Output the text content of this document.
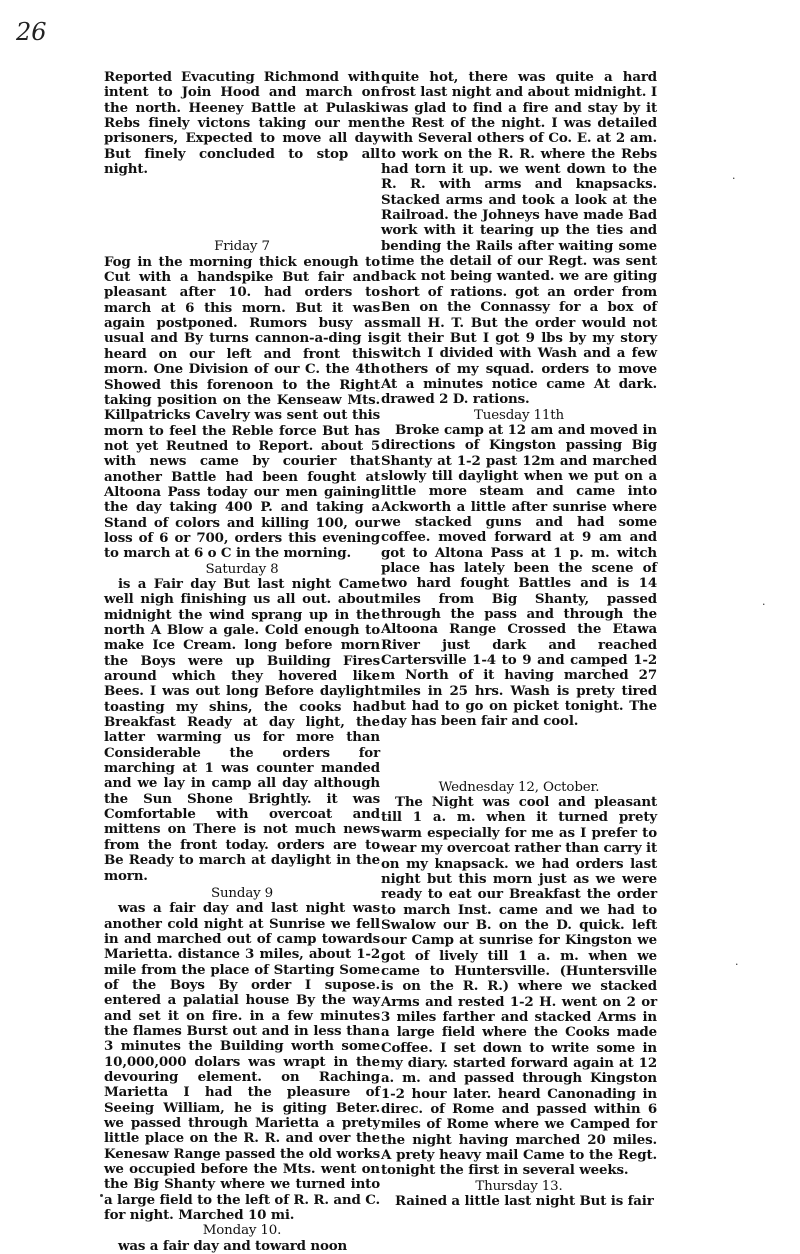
26

Reported Evacuting Richmond with intent to Join Hood and march on the north. Heeney Battle at Pulaski Rebs finely victons taking our men prisoners, Expected to move all day But finely concluded to stop all night.

Friday 7

Fog in the morning thick enough to Cut with a handspike But fair and pleasant after 10. had orders to march at 6 this morn. But it was again postponed. Rumors busy as usual and By turns cannon-a-ding is heard on our left and front this morn. One Division of our C. the 4th Showed this forenoon to the Right taking position on the Kenseaw Mts. Killpatricks Cavelry was sent out this morn to feel the Reble force But has not yet Reutned to Report. about 5 with news came by courier that another Battle had been fought at Altoona Pass today our men gaining the day taking 400 P. and taking a Stand of colors and killing 100, our loss of 6 or 700, orders this evening to march at 6 o C in the morning.

Saturday 8

is a Fair day But last night Came well nigh finishing us all out. about midnight the wind sprang up in the north A Blow a gale. Cold enough to make Ice Cream. long before morn the Boys were up Building Fires around which they hovered like Bees. I was out long Before daylight toasting my shins, the cooks had Breakfast Ready at day light, the latter warming us for more than Considerable the orders for marching at 1 was counter manded and we lay in camp all day although the Sun Shone Brightly. it was Comfortable with overcoat and mittens on There is not much news from the front today. orders are to Be Ready to march at daylight in the morn.

Sunday 9

was a fair day and last night was another cold night at Sunrise we fell in and marched out of camp towards Marietta. distance 3 miles, about 1-2 mile from the place of Starting Some of the Boys By order I supose. entered a palatial house By the way and set it on fire. in a few minutes the flames Burst out and in less than 3 minutes the Building worth some 10,000,000 dolars was wrapt in the devouring element. on Raching Marietta I had the pleasure of Seeing William, he is giting Beter. we passed through Marietta a prety little place on the R. R. and over the Kenesaw Range passed the old works we occupied before the Mts. went on the Big Shanty where we turned into a large field to the left of R. R. and C. for night. Marched 10 mi.

Monday 10.

was a fair day and toward noon

quite hot, there was quite a hard frost last night and about midnight. I was glad to find a fire and stay by it the Rest of the night. I was detailed with Several others of Co. E. at 2 am. to work on the R. R. where the Rebs had torn it up. we went down to the R. R. with arms and knapsacks. Stacked arms and took a look at the Railroad. the Johneys have made Bad work with it tearing up the ties and bending the Rails after waiting some time the detail of our Regt. was sent back not being wanted. we are giting short of rations. got an order from Ben on the Connassy for a box of small H. T. But the order would not git their But I got 9 lbs by my story witch I divided with Wash and a few others of my squad. orders to move At a minutes notice came At dark. drawed 2 D. rations.

Tuesday 11th

Broke camp at 12 am and moved in directions of Kingston passing Big Shanty at 1-2 past 12m and marched slowly till daylight when we put on a little more steam and came into Ackworth a little after sunrise where we stacked guns and had some coffee. moved forward at 9 am and got to Altona Pass at 1 p. m. witch place has lately been the scene of two hard fought Battles and is 14 miles from Big Shanty, passed through the pass and through the Altoona Range Crossed the Etawa River just dark and reached Cartersville 1-4 to 9 and camped 1-2 m North of it having marched 27 miles in 25 hrs. Wash is prety tired but had to go on picket tonight. The day has been fair and cool.

Wednesday 12, October.

The Night was cool and pleasant till 1 a. m. when it turned prety warm especially for me as I prefer to wear my overcoat rather than carry it on my knapsack. we had orders last night but this morn just as we were ready to eat our Breakfast the order to march Inst. came and we had to Swalow our B. on the D. quick. left our Camp at sunrise for Kingston we got of lively till 1 a. m. when we came to Huntersville. (Huntersville is on the R. R.) where we stacked Arms and rested 1-2 H. went on 2 or 3 miles farther and stacked Arms in a large field where the Cooks made Coffee. I set down to write some in my diary. started forward again at 12 a. m. and passed through Kingston 1-2 hour later. heard Canonading in direc. of Rome and passed within 6 miles of Rome where we Camped for the night having marched 20 miles. A prety heavy mail Came to the Regt. tonight the first in several weeks.

Thursday 13.

Rained a little last night But is fair

·
·
·
